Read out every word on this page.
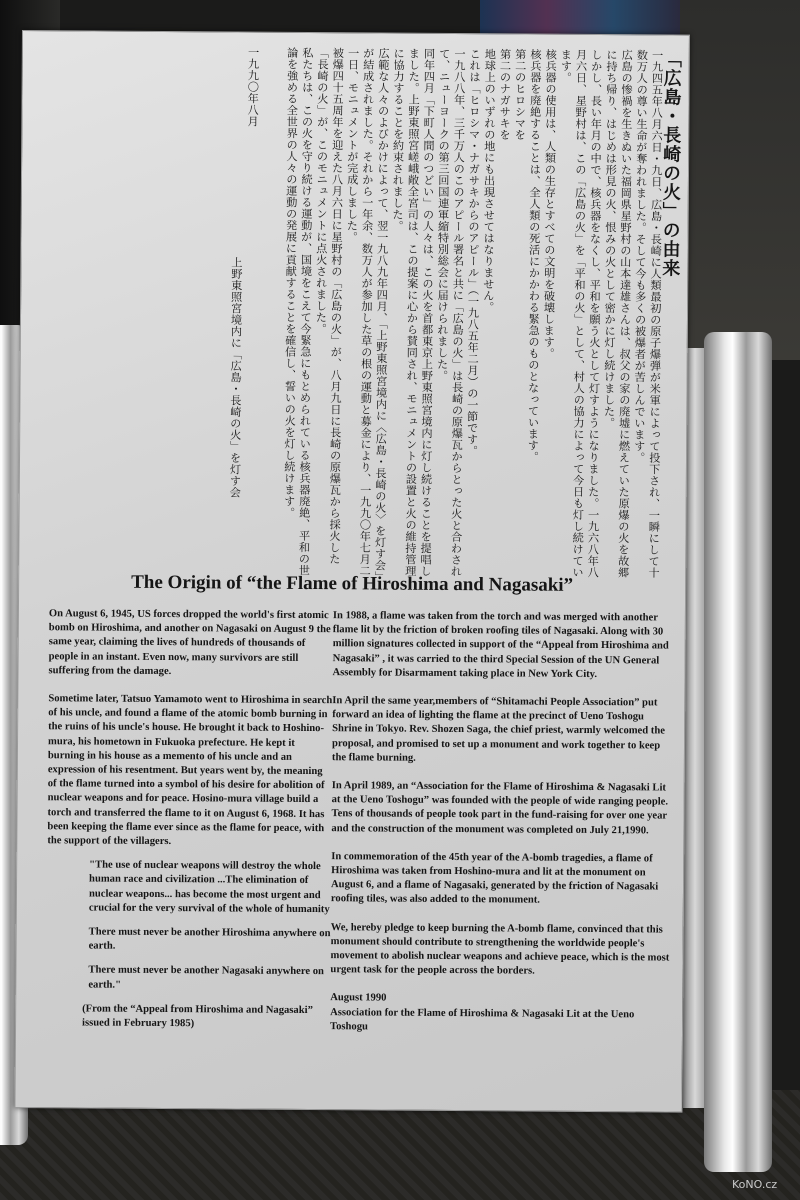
「広島・長崎の火」の由来
一九四五年八月六日・九日、広島・長崎に人類最初の原子爆弾が米軍によって投下され、一瞬にして十数万人の尊い生命が奪われました。そして今も多くの被爆者が苦しんでいます。
広島の惨禍を生きぬいた福岡県星野村の山本達雄さんは、叔父の家の廃墟に燃えていた原爆の火を故郷に持ち帰り、はじめは形見の火、恨みの火として密かに灯し続けました。
しかし、長い年月の中で、核兵器をなくし、平和を願う火として灯すようになりました。一九六八年八月六日、星野村は、この「広島の火」を「平和の火」として、村人の協力によって今日も灯し続けています。
核兵器の使用は、人類の生存とすべての文明を破壊します。
核兵器を廃絶することは、全人類の死活にかかわる緊急のものとなっています。
第二のヒロシマを
第二のナガサキを
地球上のいずれの地にも出現させてはなりません。
これは「ヒロシマ・ナガサキからのアピール」（一九八五年二月）の一節です。
一九八八年、三千万人のこのアピール署名と共に「広島の火」は長崎の原爆瓦からとった火と合わされて、ニューヨークの第三回国連軍縮特別総会に届けられました。
同年四月「下町人間のつどい」の人々は、この火を首都東京上野東照宮境内に灯し続けることを提唱しました。上野東照宮嵯峨敞全宮司は、この提案に心から賛同され、モニュメントの設置と火の維持管理に協力することを約束されました。
広範な人々のよびかけによって、翌一九八九年四月、「上野東照宮境内に〈広島・長崎の火〉を灯す会」が結成されました。それから一年余、数万人が参加した草の根の運動と募金により、一九九〇年七月二一日、モニュメントが完成しました。
被爆四十五周年を迎えた八月六日に星野村の「広島の火」が、八月九日に長崎の原爆瓦から採火した「長崎の火」が、このモニュメントに点火されました。
私たちは、この火を守り続ける運動が、国境をこえて今緊急にもとめられている核兵器廃絶、平和の世論を強める全世界の人々の運動の発展に貢献することを確信し、誓いの火を灯し続けます。
一九九〇年八月
上野東照宮境内に「広島・長崎の火」を灯す会
The Origin of “the Flame of Hiroshima and Nagasaki”

On August 6, 1945, US forces dropped the world's first atomic bomb on Hiroshima, and another on Nagasaki on August 9 the same year, claiming the lives of hundreds of thousands of people in an instant. Even now, many survivors are still suffering from the damage.

Sometime later, Tatsuo Yamamoto went to Hiroshima in search of his uncle, and found a flame of the atomic bomb burning in the ruins of his uncle's house. He brought it back to Hoshino-mura, his hometown in Fukuoka prefecture. He kept it burning in his house as a memento of his uncle and an expression of his resentment. But years went by, the meaning of the flame turned into a symbol of his desire for abolition of nuclear weapons and for peace. Hosino-mura village build a torch and transferred the flame to it on August 6, 1968. It has been keeping the flame ever since as the flame for peace, with the support of the villagers.

"The use of nuclear weapons will destroy the whole human race and civilization ...The elimination of nuclear weapons... has become the most urgent and crucial for the very survival of the whole of humanity

There must never be another Hiroshima anywhere on earth.

There must never be another Nagasaki anywhere on earth."

(From the “Appeal from Hiroshima and Nagasaki” issued in February 1985)

In 1988, a flame was taken from the torch and was merged with another flame lit by the friction of broken roofing tiles of Nagasaki. Along with 30 million signatures collected in support of the “Appeal from Hiroshima and Nagasaki” , it was carried to the third Special Session of the UN General Assembly for Disarmament taking place in New York City.

In April the same year,members of “Shitamachi People Association” put forward an idea of lighting the flame at the precinct of Ueno Toshogu Shrine in Tokyo. Rev. Shozen Saga, the chief priest, warmly welcomed the proposal, and promised to set up a monument and work together to keep the flame burning.

In April 1989, an “Association for the Flame of Hiroshima & Nagasaki Lit at the Ueno Toshogu” was founded with the people of wide ranging people. Tens of thousands of people took part in the fund-raising for over one year and the construction of the monument was completed on July 21,1990.

In commemoration of the 45th year of the A-bomb tragedies, a flame of Hiroshima was taken from Hoshino-mura and lit at the monument on August 6, and a flame of Nagasaki, generated by the friction of Nagasaki roofing tiles, was also added to the monument.

We, hereby pledge to keep burning the A-bomb flame, convinced that this monument should contribute to strengthening the worldwide people's movement to abolish nuclear weapons and achieve peace, which is the most urgent task for the people across the borders.

August 1990

Association for the Flame of Hiroshima & Nagasaki Lit at the Ueno Toshogu

KoNO.cz
